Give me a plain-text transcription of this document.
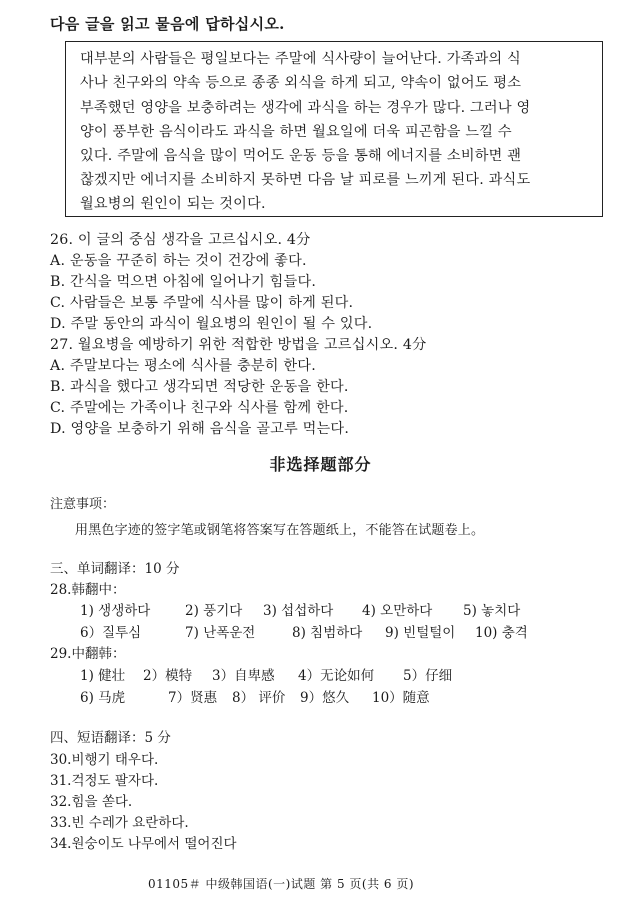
다음 글을 읽고 물음에 답하십시오.
대부분의 사람들은 평일보다는 주말에 식사량이 늘어난다. 가족과의 식
사나 친구와의 약속 등으로 종종 외식을 하게 되고, 약속이 없어도 평소
부족했던 영양을 보충하려는 생각에 과식을 하는 경우가 많다. 그러나 영
양이 풍부한 음식이라도 과식을 하면 월요일에 더욱 피곤함을 느낄 수
있다. 주말에 음식을 많이 먹어도 운동 등을 통해 에너지를 소비하면 괜
찮겠지만 에너지를 소비하지 못하면 다음 날 피로를 느끼게 된다. 과식도
월요병의 원인이 되는 것이다.
26. 이 글의 중심 생각을 고르십시오. 4分
A. 운동을 꾸준히 하는 것이 건강에 좋다.
B. 간식을 먹으면 아침에 일어나기 힘들다.
C. 사람들은 보통 주말에 식사를 많이 하게 된다.
D. 주말 동안의 과식이 월요병의 원인이 될 수 있다.
27. 월요병을 예방하기 위한 적합한 방법을 고르십시오. 4分
A. 주말보다는 평소에 식사를 충분히 한다.
B. 과식을 했다고 생각되면 적당한 운동을 한다.
C. 주말에는 가족이나 친구와 식사를 함께 한다.
D. 영양을 보충하기 위해 음식을 골고루 먹는다.
非选择题部分
注意事项：
用黑色字迹的签字笔或钢笔将答案写在答题纸上，不能答在试题卷上。
三、单词翻译：10 分
28.韩翻中：
1) 생생하다	2) 풍기다 3) 섭섭하다 4) 오만하다 5) 놓치다
6）질투심	7) 난폭운전	8) 침범하다 9) 빈털털이 10) 충격
29.中翻韩：
1) 健壮 2）模特 3）自卑感 4）无论如何 5）仔细
6) 马虎	7）贤惠 8） 评价 9）悠久 10）随意
四、短语翻译：5 分
30.비행기 태우다.
31.걱정도 팔자다.
32.힘을 쏟다.
33.빈 수레가 요란하다.
34.원숭이도 나무에서 떨어진다
01105＃ 中级韩国语(一)试题 第 5 页(共 6 页)
